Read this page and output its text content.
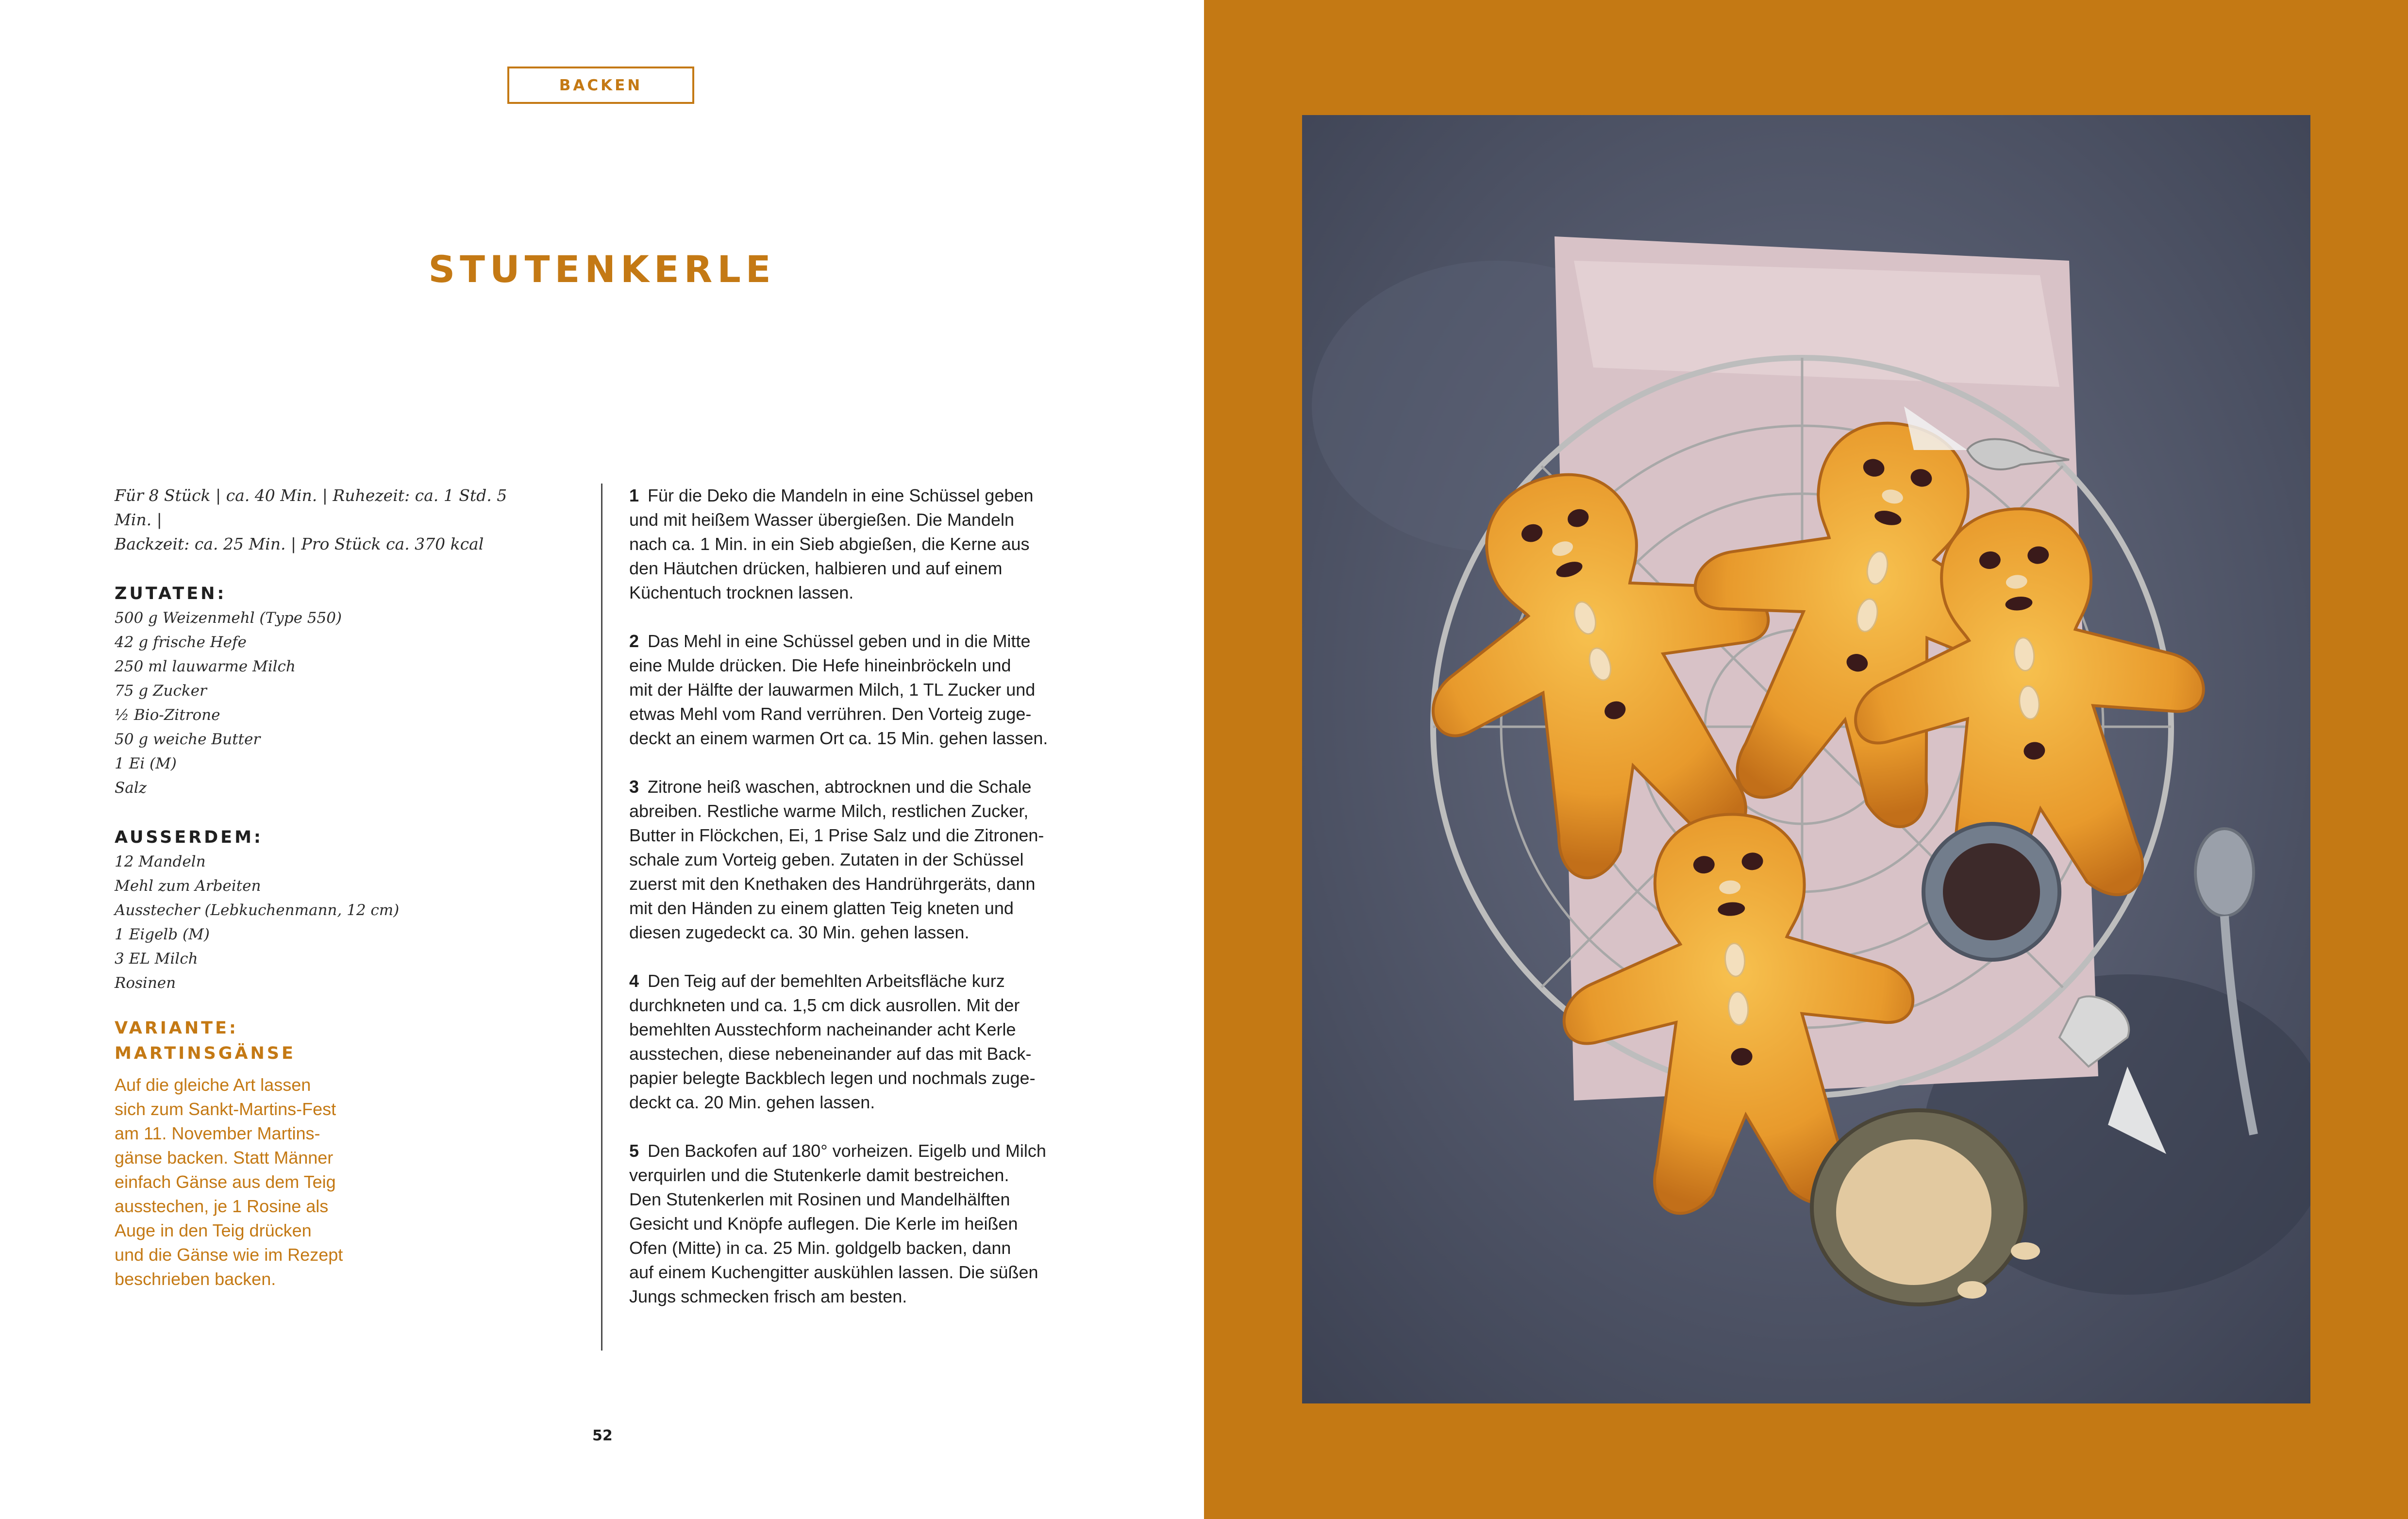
BACKEN
STUTENKERLE
Für 8 Stück | ca. 40 Min. | Ruhezeit: ca. 1 Std. 5 Min. |
Backzeit: ca. 25 Min. | Pro Stück ca. 370 kcal
ZUTATEN:
500 g Weizenmehl (Type 550)
42 g frische Hefe
250 ml lauwarme Milch
75 g Zucker
½ Bio-Zitrone
50 g weiche Butter
1 Ei (M)
Salz
AUSSERDEM:
12 Mandeln
Mehl zum Arbeiten
Ausstecher (Lebkuchenmann, 12 cm)
1 Eigelb (M)
3 EL Milch
Rosinen
VARIANTE:
MARTINSGÄNSE
Auf die gleiche Art lassen
sich zum Sankt-Martins-Fest
am 11. November Martins-
gänse backen. Statt Männer
einfach Gänse aus dem Teig
ausstechen, je 1 Rosine als
Auge in den Teig drücken
und die Gänse wie im Rezept
beschrieben backen.
1 Für die Deko die Mandeln in eine Schüssel geben
und mit heißem Wasser übergießen. Die Mandeln
nach ca. 1 Min. in ein Sieb abgießen, die Kerne aus
den Häutchen drücken, halbieren und auf einem
Küchentuch trocknen lassen.
2 Das Mehl in eine Schüssel geben und in die Mitte
eine Mulde drücken. Die Hefe hineinbröckeln und
mit der Hälfte der lauwarmen Milch, 1 TL Zucker und
etwas Mehl vom Rand verrühren. Den Vorteig zuge-
deckt an einem warmen Ort ca. 15 Min. gehen lassen.
3 Zitrone heiß waschen, abtrocknen und die Schale
abreiben. Restliche warme Milch, restlichen Zucker,
Butter in Flöckchen, Ei, 1 Prise Salz und die Zitronen-
schale zum Vorteig geben. Zutaten in der Schüssel
zuerst mit den Knethaken des Handrührgeräts, dann
mit den Händen zu einem glatten Teig kneten und
diesen zugedeckt ca. 30 Min. gehen lassen.
4 Den Teig auf der bemehlten Arbeitsfläche kurz
durchkneten und ca. 1,5 cm dick ausrollen. Mit der
bemehlten Ausstechform nacheinander acht Kerle
ausstechen, diese nebeneinander auf das mit Back-
papier belegte Backblech legen und nochmals zuge-
deckt ca. 20 Min. gehen lassen.
5 Den Backofen auf 180° vorheizen. Eigelb und Milch
verquirlen und die Stutenkerle damit bestreichen.
Den Stutenkerlen mit Rosinen und Mandelhälften
Gesicht und Knöpfe auflegen. Die Kerle im heißen
Ofen (Mitte) in ca. 25 Min. goldgelb backen, dann
auf einem Kuchengitter auskühlen lassen. Die süßen
Jungs schmecken frisch am besten.
52
